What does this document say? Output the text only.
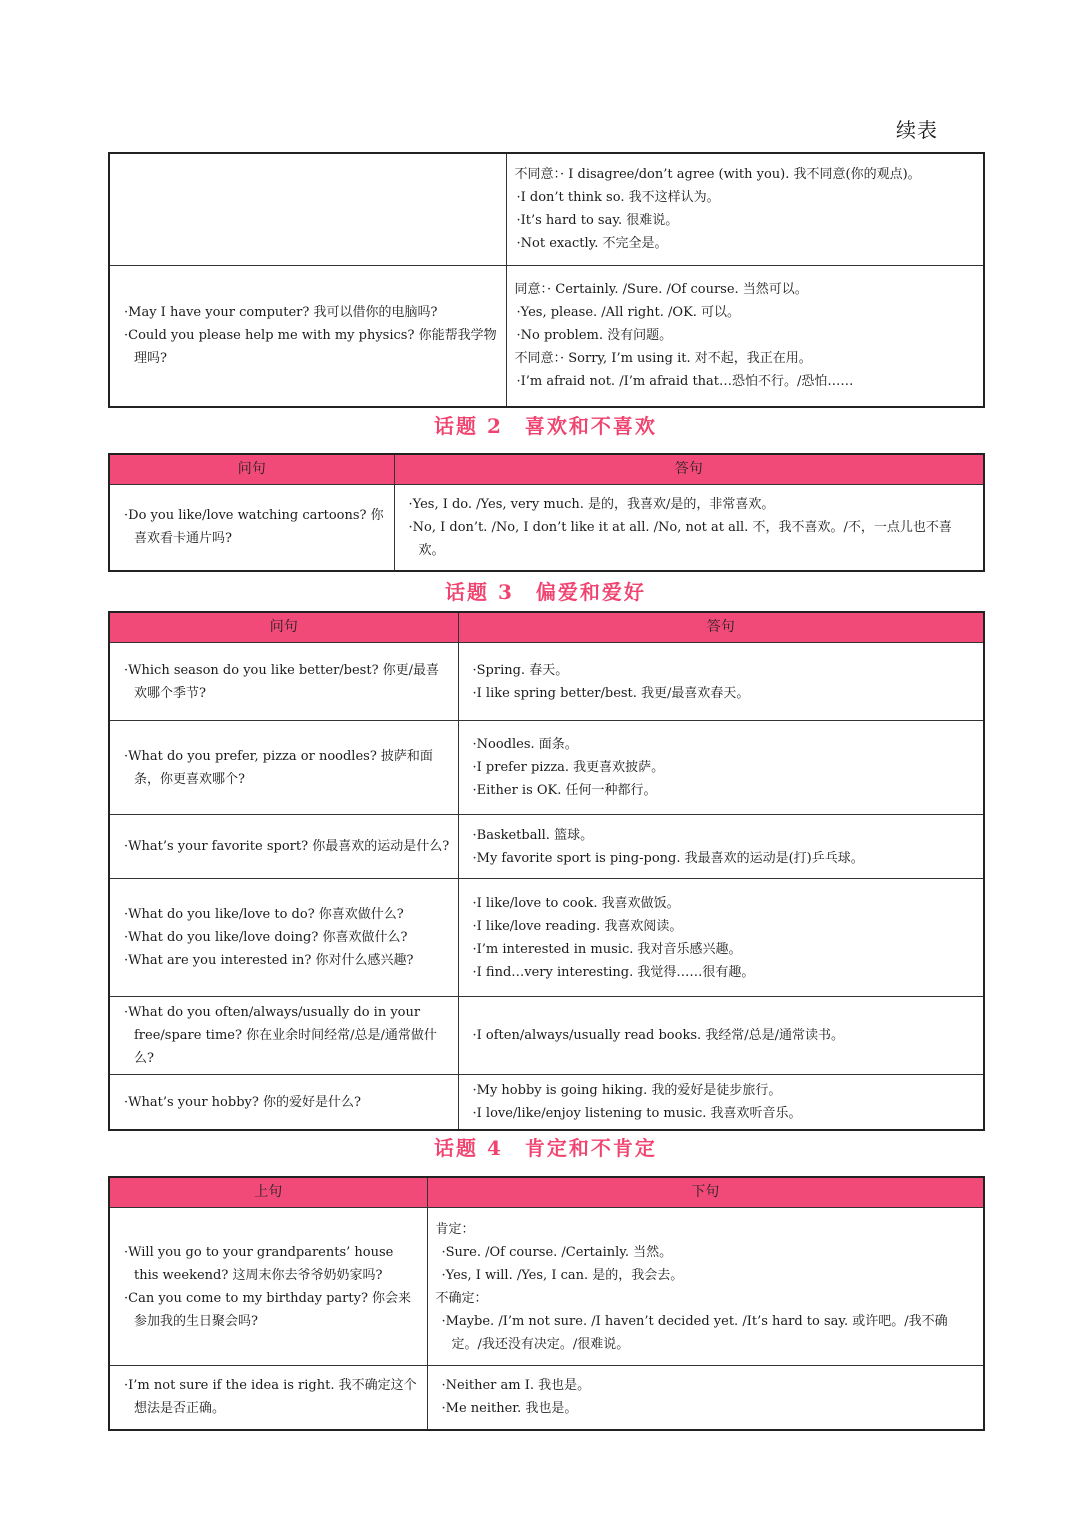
续表

	不同意：· I disagree/don’t agree (with you). 我不同意(你的观点)。
· I don’t think so. 我不这样认为。
· It’s hard to say. 很难说。
· Not exactly. 不完全是。

· May I have your computer? 我可以借你的电脑吗?
· Could you please help me with my physics? 你能帮我学物理吗?	同意：· Certainly. /Sure. /Of course. 当然可以。
· Yes, please. /All right. /OK. 可以。
· No problem. 没有问题。
不同意：· Sorry, I’m using it. 对不起，我正在用。
· I’m afraid not. /I’m afraid that…恐怕不行。/恐怕……
话题 2　喜欢和不喜欢
问句	答句

· Do you like/love watching cartoons? 你喜欢看卡通片吗?	· Yes, I do. /Yes, very much. 是的，我喜欢/是的，非常喜欢。
· No, I don’t. /No, I don’t like it at all. /No, not at all. 不，我不喜欢。/不，一点儿也不喜欢。
话题 3　偏爱和爱好
问句	答句

· Which season do you like better/best? 你更/最喜欢哪个季节?	· Spring. 春天。
· I like spring better/best. 我更/最喜欢春天。

· What do you prefer, pizza or noodles? 披萨和面条，你更喜欢哪个?	· Noodles. 面条。
· I prefer pizza. 我更喜欢披萨。
· Either is OK. 任何一种都行。

· What’s your favorite sport? 你最喜欢的运动是什么?	· Basketball. 篮球。
· My favorite sport is ping-pong. 我最喜欢的运动是(打)乒乓球。

· What do you like/love to do? 你喜欢做什么?
· What do you like/love doing? 你喜欢做什么?
· What are you interested in? 你对什么感兴趣?	· I like/love to cook. 我喜欢做饭。
· I like/love reading. 我喜欢阅读。
· I’m interested in music. 我对音乐感兴趣。
· I find…very interesting. 我觉得……很有趣。

· What do you often/always/usually do in your free/spare time? 你在业余时间经常/总是/通常做什么?	· I often/always/usually read books. 我经常/总是/通常读书。

· What’s your hobby? 你的爱好是什么?	· My hobby is going hiking. 我的爱好是徒步旅行。
· I love/like/enjoy listening to music. 我喜欢听音乐。
话题 4　肯定和不肯定
上句	下句

· Will you go to your grandparents’ house this weekend? 这周末你去爷爷奶奶家吗?
· Can you come to my birthday party? 你会来参加我的生日聚会吗?	肯定：
· Sure. /Of course. /Certainly. 当然。
· Yes, I will. /Yes, I can. 是的，我会去。
不确定：
· Maybe. /I’m not sure. /I haven’t decided yet. /It’s hard to say. 或许吧。/我不确定。/我还没有决定。/很难说。

· I’m not sure if the idea is right. 我不确定这个想法是否正确。	· Neither am I. 我也是。
· Me neither. 我也是。
